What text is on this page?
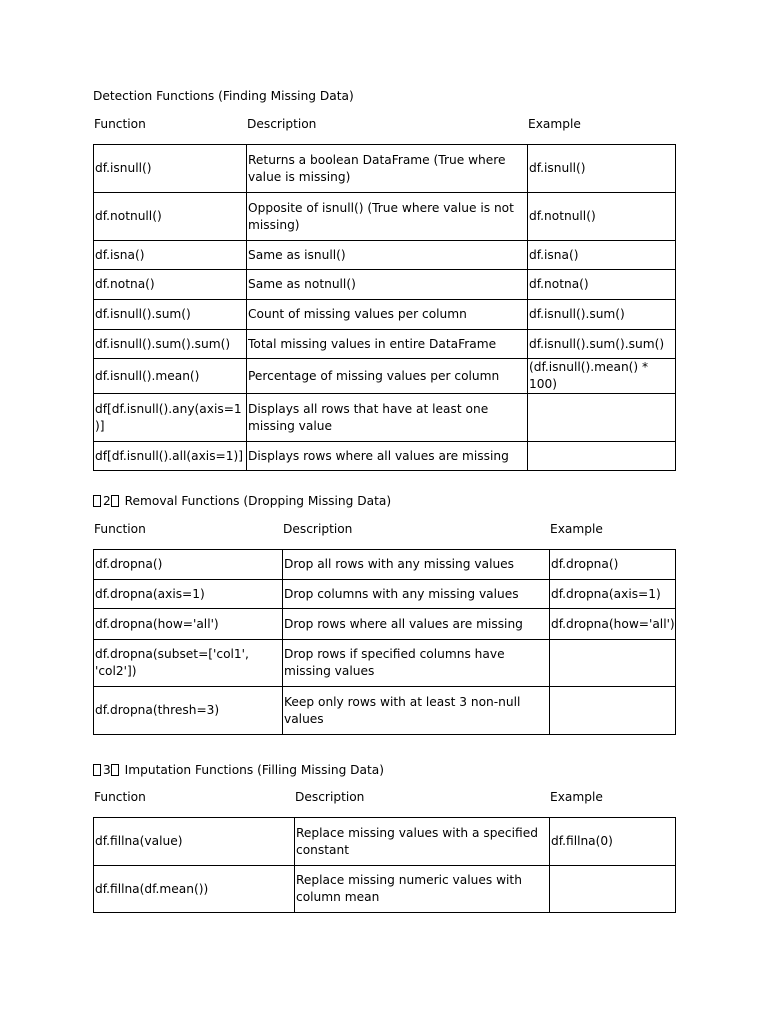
Detection Functions (Finding Missing Data)
Function	Description	Example
df.isnull()	Returns a boolean DataFrame (True where value is missing)	df.isnull()
df.notnull()	Opposite of isnull() (True where value is not missing)	df.notnull()
df.isna()	Same as isnull()	df.isna()
df.notna()	Same as notnull()	df.notna()
df.isnull().sum()	Count of missing values per column	df.isnull().sum()
df.isnull().sum().sum()	Total missing values in entire DataFrame	df.isnull().sum().sum()
df.isnull().mean()	Percentage of missing values per column	(df.isnull().mean() * 100)
df[df.isnull().any(axis=1)]	Displays all rows that have at least one missing value	
df[df.isnull().all(axis=1)]	Displays rows where all values are missing	
2 Removal Functions (Dropping Missing Data)
Function	Description	Example
df.dropna()	Drop all rows with any missing values	df.dropna()
df.dropna(axis=1)	Drop columns with any missing values	df.dropna(axis=1)
df.dropna(how='all')	Drop rows where all values are missing	df.dropna(how='all')
df.dropna(subset=['col1', 'col2'])	Drop rows if specified columns have missing values	
df.dropna(thresh=3)	Keep only rows with at least 3 non-null values	
3 Imputation Functions (Filling Missing Data)
Function	Description	Example
df.fillna(value)	Replace missing values with a specified constant	df.fillna(0)
df.fillna(df.mean())	Replace missing numeric values with column mean	
